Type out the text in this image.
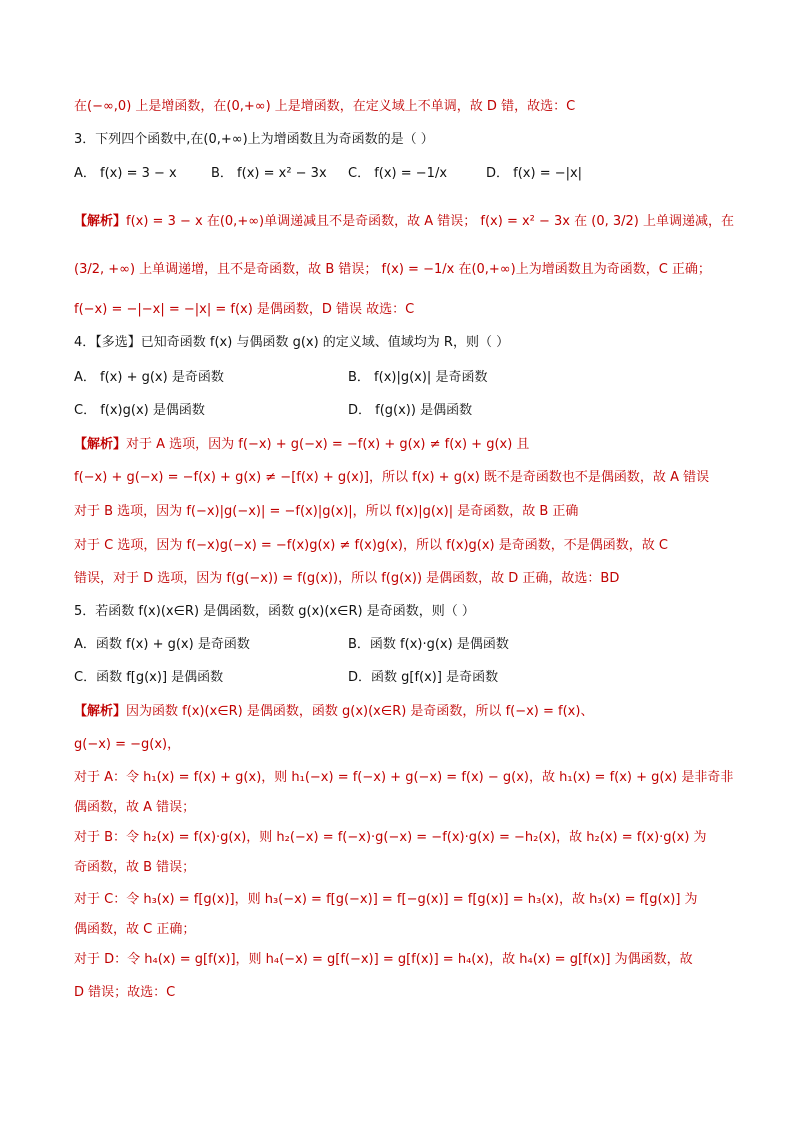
在(−∞,0) 上是增函数，在(0,+∞) 上是增函数，在定义域上不单调，故 D 错，故选：C
3．下列四个函数中,在(0,+∞)上为增函数且为奇函数的是（ ）
A． f(x) = 3 − x	B． f(x) = x² − 3x C． f(x) = −1/x	D． f(x) = −|x|
【解析】f(x) = 3 − x 在(0,+∞)单调递减且不是奇函数，故 A 错误； f(x) = x² − 3x 在 (0, 3/2) 上单调递减，在
(3/2, +∞) 上单调递增，且不是奇函数，故 B 错误； f(x) = −1/x 在(0,+∞)上为增函数且为奇函数，C 正确；
f(−x) = −|−x| = −|x| = f(x) 是偶函数，D 错误 故选：C
4．【多选】已知奇函数 f(x) 与偶函数 g(x) 的定义域、值域均为 R，则（ ）
A． f(x) + g(x) 是奇函数	B． f(x)|g(x)| 是奇函数
C． f(x)g(x) 是偶函数	D． f(g(x)) 是偶函数
【解析】对于 A 选项，因为 f(−x) + g(−x) = −f(x) + g(x) ≠ f(x) + g(x) 且
f(−x) + g(−x) = −f(x) + g(x) ≠ −[f(x) + g(x)]，所以 f(x) + g(x) 既不是奇函数也不是偶函数，故 A 错误
对于 B 选项，因为 f(−x)|g(−x)| = −f(x)|g(x)|，所以 f(x)|g(x)| 是奇函数，故 B 正确
对于 C 选项，因为 f(−x)g(−x) = −f(x)g(x) ≠ f(x)g(x)，所以 f(x)g(x) 是奇函数，不是偶函数，故 C
错误，对于 D 选项，因为 f(g(−x)) = f(g(x))，所以 f(g(x)) 是偶函数，故 D 正确，故选：BD
5．若函数 f(x)(x∈R) 是偶函数，函数 g(x)(x∈R) 是奇函数，则（ ）
A．函数 f(x) + g(x) 是奇函数	B．函数 f(x)·g(x) 是偶函数
C．函数 f[g(x)] 是偶函数	D．函数 g[f(x)] 是奇函数
【解析】因为函数 f(x)(x∈R) 是偶函数，函数 g(x)(x∈R) 是奇函数，所以 f(−x) = f(x)、
g(−x) = −g(x)，
对于 A：令 h₁(x) = f(x) + g(x)，则 h₁(−x) = f(−x) + g(−x) = f(x) − g(x)，故 h₁(x) = f(x) + g(x) 是非奇非
偶函数，故 A 错误；
对于 B：令 h₂(x) = f(x)·g(x)，则 h₂(−x) = f(−x)·g(−x) = −f(x)·g(x) = −h₂(x)，故 h₂(x) = f(x)·g(x) 为
奇函数，故 B 错误；
对于 C：令 h₃(x) = f[g(x)]，则 h₃(−x) = f[g(−x)] = f[−g(x)] = f[g(x)] = h₃(x)，故 h₃(x) = f[g(x)] 为
偶函数，故 C 正确；
对于 D：令 h₄(x) = g[f(x)]，则 h₄(−x) = g[f(−x)] = g[f(x)] = h₄(x)，故 h₄(x) = g[f(x)] 为偶函数，故
D 错误；故选：C
